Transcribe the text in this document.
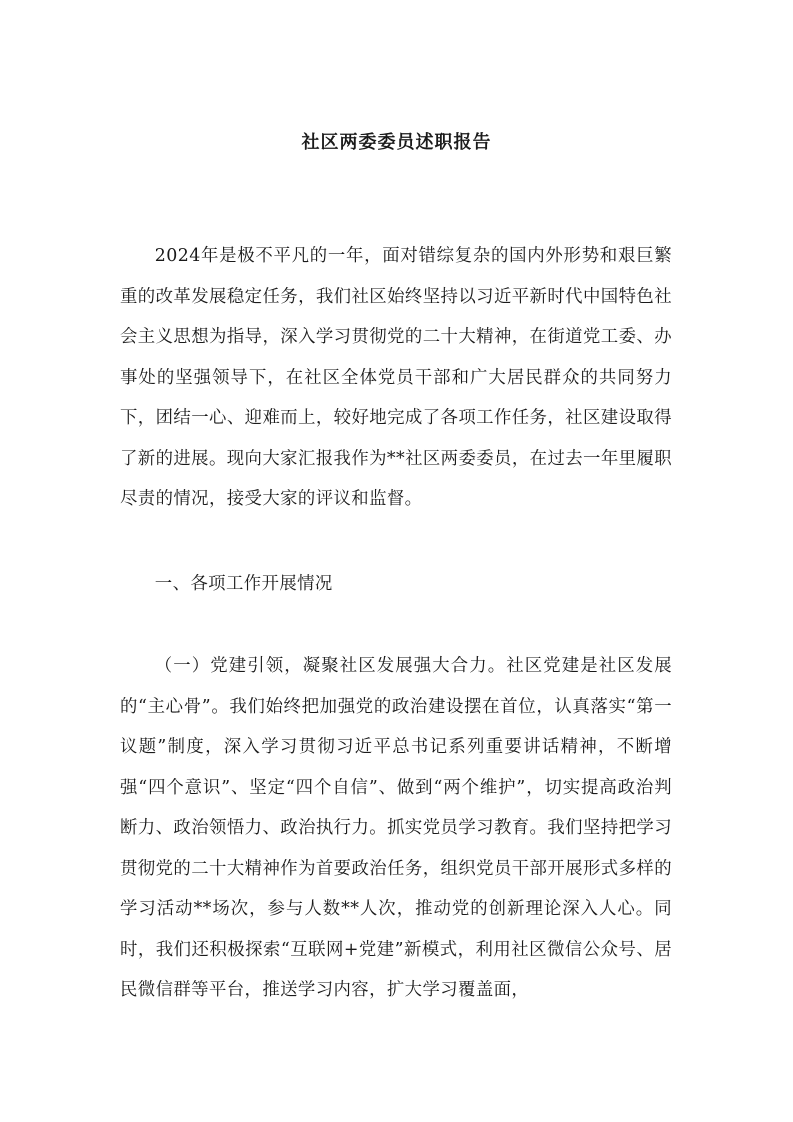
社区两委委员述职报告

2024年是极不平凡的一年，面对错综复杂的国内外形势和艰巨繁重的改革发展稳定任务，我们社区始终坚持以习近平新时代中国特色社会主义思想为指导，深入学习贯彻党的二十大精神，在街道党工委、办事处的坚强领导下，在社区全体党员干部和广大居民群众的共同努力下，团结一心、迎难而上，较好地完成了各项工作任务，社区建设取得了新的进展。现向大家汇报我作为**社区两委委员，在过去一年里履职尽责的情况，接受大家的评议和监督。

一、各项工作开展情况

（一）党建引领，凝聚社区发展强大合力。社区党建是社区发展的“主心骨”。我们始终把加强党的政治建设摆在首位，认真落实“第一议题”制度，深入学习贯彻习近平总书记系列重要讲话精神，不断增强“四个意识”、坚定“四个自信”、做到“两个维护”，切实提高政治判断力、政治领悟力、政治执行力。抓实党员学习教育。我们坚持把学习贯彻党的二十大精神作为首要政治任务，组织党员干部开展形式多样的学习活动**场次，参与人数**人次，推动党的创新理论深入人心。同时，我们还积极探索“互联网+党建”新模式，利用社区微信公众号、居民微信群等平台，推送学习内容，扩大学习覆盖面，
